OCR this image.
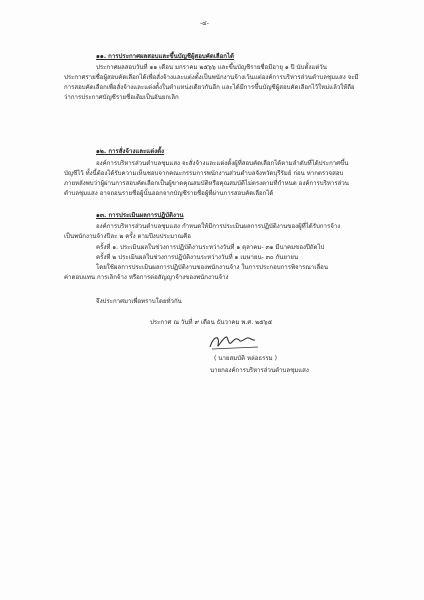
-๔-
๑๑. การประกาศผลสอบและขึ้นบัญชีผู้สอบคัดเลือกได้
ประกาศผลสอบวันที่ ๑๑ เดือน มกราคม ๒๕๖๖ และขึ้นบัญชีรายชื่อมีอายุ ๑ ปี นับตั้งแต่วัน
ประกาศรายชื่อผู้สอบคัดเลือกได้เพื่อสั่งจ้างและแต่งตั้งเป็นพนักงานจ้างเว้นแต่องค์การบริหารส่วนตำบลชุมแสง จะมี
การสอบคัดเลือกเพื่อสั่งจ้างและแต่งตั้งในตำแหน่งเดียวกันอีก และได้มีการขึ้นบัญชีผู้สอบคัดเลือกไว้ใหม่แล้วให้ถือ
ว่าการประกาศบัญชีรายชื่อเดิมเป็นอันยกเลิก
๑๒. การสั่งจ้างและแต่งตั้ง
องค์การบริหารส่วนตำบลชุมแสง จะสั่งจ้างและแต่งตั้งผู้ที่สอบคัดเลือกได้ตามลำดับที่ได้ประกาศขึ้น
บัญชีไว้ ทั้งนี้ต้องได้รับความเห็นชอบจากคณะกรรมการพนักงานส่วนตำบลจังหวัดบุรีรัมย์ ก่อน หากตรวจสอบ
ภายหลังพบว่าผู้ผ่านการสอบคัดเลือกเป็นผู้ขาดคุณสมบัติหรือคุณสมบัติไม่ตรงตามที่กำหนด องค์การบริหารส่วน
ตำบลชุมแสง อาจถอนรายชื่อผู้นั้นออกจากบัญชีรายชื่อผู้ที่ผ่านการสอบคัดเลือกได้
๑๓. การประเมินผลการปฏิบัติงาน
องค์การบริหารส่วนตำบลชุมแสง กำหนดให้มีการประเมินผลการปฏิบัติงานของผู้ที่ได้รับการจ้าง
เป็นพนักงานจ้างปีละ ๒ ครั้ง ตามปีงบประมาณคือ
ครั้งที่ ๑. ประเมินผลในช่วงการปฏิบัติงานระหว่างวันที่ ๑ ตุลาคม- ๓๑ มีนาคมของปีถัดไป
ครั้งที่ ๒ ประเมินผลในช่วงการปฏิบัติงานระหว่างวันที่ ๑ เมษายน- ๓๐ กันยายน
โดยใช้ผลการประเมินผลการปฏิบัติงานของพนักงานจ้าง ในการประกอบการพิจารณาเลื่อน
ค่าตอบแทน การเลิกจ้าง หรือการต่อสัญญาจ้างของพนักงานจ้าง
จึงประกาศมาเพื่อทราบโดยทั่วกัน
ประกาศ ณ วันที่ ๙ เดือน ธันวาคม พ.ศ. ๒๕๖๕
( นายสมบัติ หล่อธรรม )
นายกองค์การบริหารส่วนตำบลชุมแสง
